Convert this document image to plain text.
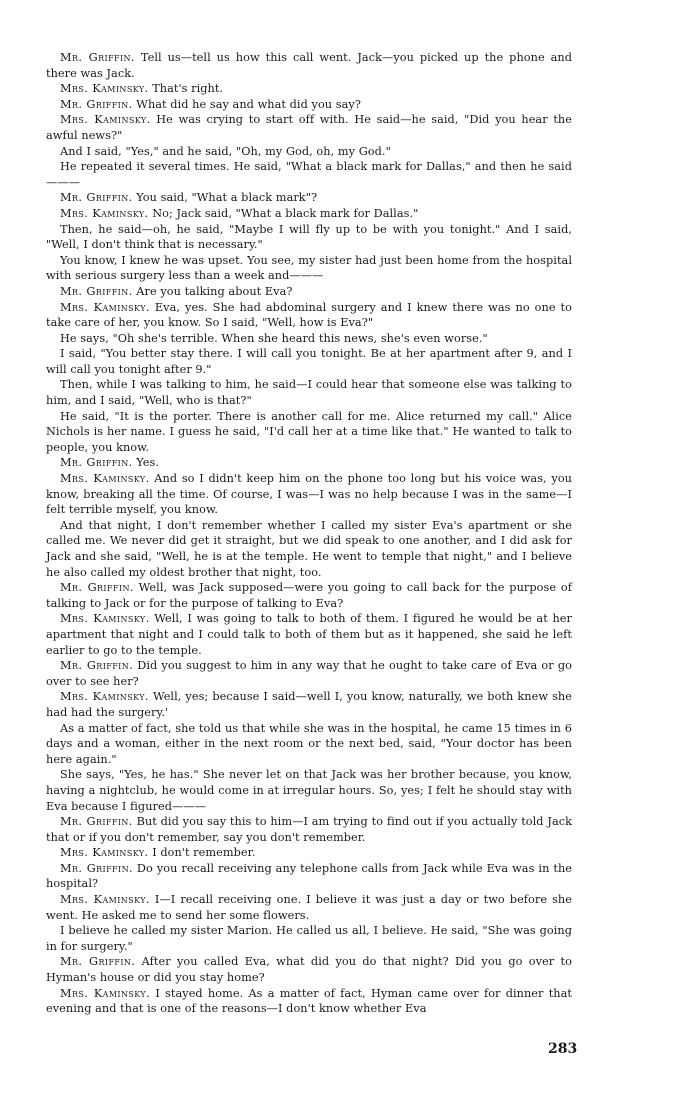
Mr. Griffin. Tell us—tell us how this call went. Jack—you picked up the phone and there was Jack.

Mrs. Kaminsky. That's right.

Mr. Griffin. What did he say and what did you say?

Mrs. Kaminsky. He was crying to start off with. He said—he said, "Did you hear the awful news?"

And I said, "Yes," and he said, "Oh, my God, oh, my God."

He repeated it several times. He said, "What a black mark for Dallas," and then he said———

Mr. Griffin. You said, "What a black mark"?

Mrs. Kaminsky. No; Jack said, "What a black mark for Dallas."

Then, he said—oh, he said, "Maybe I will fly up to be with you tonight." And I said, "Well, I don't think that is necessary."

You know, I knew he was upset. You see, my sister had just been home from the hospital with serious surgery less than a week and———

Mr. Griffin. Are you talking about Eva?

Mrs. Kaminsky. Eva, yes. She had abdominal surgery and I knew there was no one to take care of her, you know. So I said, "Well, how is Eva?"

He says, "Oh she's terrible. When she heard this news, she's even worse."

I said, "You better stay there. I will call you tonight. Be at her apartment after 9, and I will call you tonight after 9."

Then, while I was talking to him, he said—I could hear that someone else was talking to him, and I said, "Well, who is that?"

He said, "It is the porter. There is another call for me. Alice returned my call." Alice Nichols is her name. I guess he said, "I'd call her at a time like that." He wanted to talk to people, you know.

Mr. Griffin. Yes.

Mrs. Kaminsky. And so I didn't keep him on the phone too long but his voice was, you know, breaking all the time. Of course, I was—I was no help because I was in the same—I felt terrible myself, you know.

And that night, I don't remember whether I called my sister Eva's apartment or she called me. We never did get it straight, but we did speak to one another, and I did ask for Jack and she said, "Well, he is at the temple. He went to temple that night," and I believe he also called my oldest brother that night, too.

Mr. Griffin. Well, was Jack supposed—were you going to call back for the purpose of talking to Jack or for the purpose of talking to Eva?

Mrs. Kaminsky. Well, I was going to talk to both of them. I figured he would be at her apartment that night and I could talk to both of them but as it happened, she said he left earlier to go to the temple.

Mr. Griffin. Did you suggest to him in any way that he ought to take care of Eva or go over to see her?

Mrs. Kaminsky. Well, yes; because I said—well I, you know, naturally, we both knew she had had the surgery.'

As a matter of fact, she told us that while she was in the hospital, he came 15 times in 6 days and a woman, either in the next room or the next bed, said, "Your doctor has been here again."

She says, "Yes, he has." She never let on that Jack was her brother because, you know, having a nightclub, he would come in at irregular hours. So, yes; I felt he should stay with Eva because I figured———

Mr. Griffin. But did you say this to him—I am trying to find out if you actually told Jack that or if you don't remember, say you don't remember.

Mrs. Kaminsky. I don't remember.

Mr. Griffin. Do you recall receiving any telephone calls from Jack while Eva was in the hospital?

Mrs. Kaminsky. I—I recall receiving one. I believe it was just a day or two before she went. He asked me to send her some flowers.

I believe he called my sister Marion. He called us all, I believe. He said, "She was going in for surgery."

Mr. Griffin. After you called Eva, what did you do that night? Did you go over to Hyman's house or did you stay home?

Mrs. Kaminsky. I stayed home. As a matter of fact, Hyman came over for dinner that evening and that is one of the reasons—I don't know whether Eva

283
